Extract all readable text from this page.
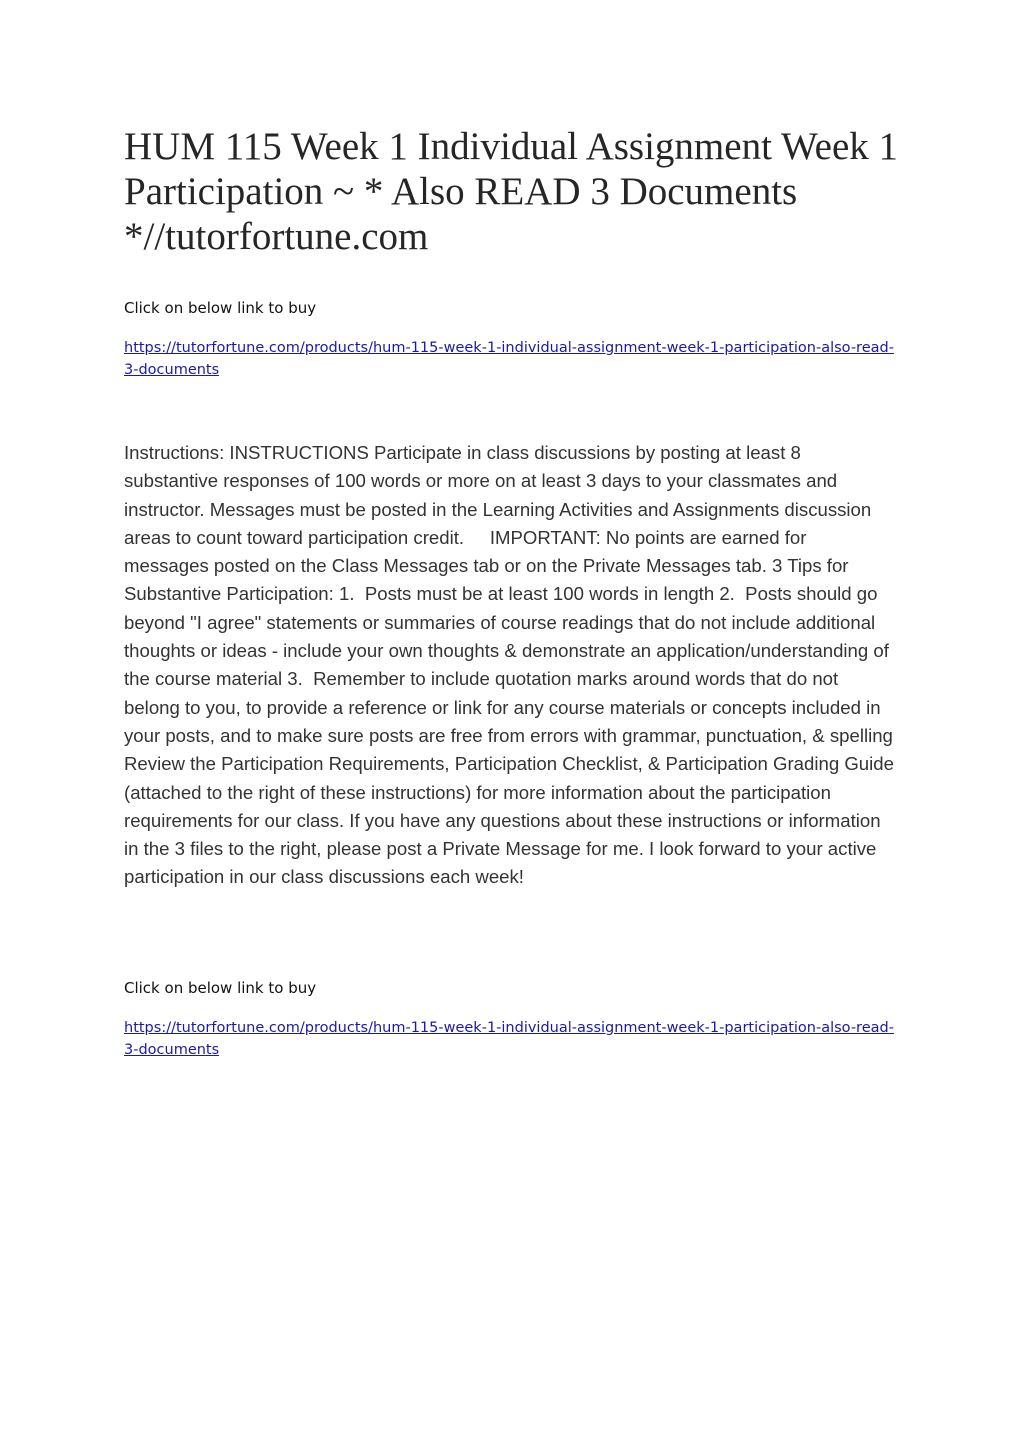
HUM 115 Week 1 Individual Assignment Week 1 Participation ~ * Also READ 3 Documents *//tutorfortune.com

Click on below link to buy

https://tutorfortune.com/products/hum-115-week-1-individual-assignment-week-1-participation-also-read-3-documents

Instructions: INSTRUCTIONS Participate in class discussions by posting at least 8 substantive responses of 100 words or more on at least 3 days to your classmates and instructor. Messages must be posted in the Learning Activities and Assignments discussion areas to count toward participation credit.     IMPORTANT: No points are earned for messages posted on the Class Messages tab or on the Private Messages tab. 3 Tips for Substantive Participation: 1.  Posts must be at least 100 words in length 2.  Posts should go beyond "I agree" statements or summaries of course readings that do not include additional thoughts or ideas - include your own thoughts & demonstrate an application/understanding of the course material 3.  Remember to include quotation marks around words that do not belong to you, to provide a reference or link for any course materials or concepts included in your posts, and to make sure posts are free from errors with grammar, punctuation, & spelling Review the Participation Requirements, Participation Checklist, & Participation Grading Guide (attached to the right of these instructions) for more information about the participation requirements for our class. If you have any questions about these instructions or information in the 3 files to the right, please post a Private Message for me. I look forward to your active participation in our class discussions each week!

Click on below link to buy

https://tutorfortune.com/products/hum-115-week-1-individual-assignment-week-1-participation-also-read-3-documents
